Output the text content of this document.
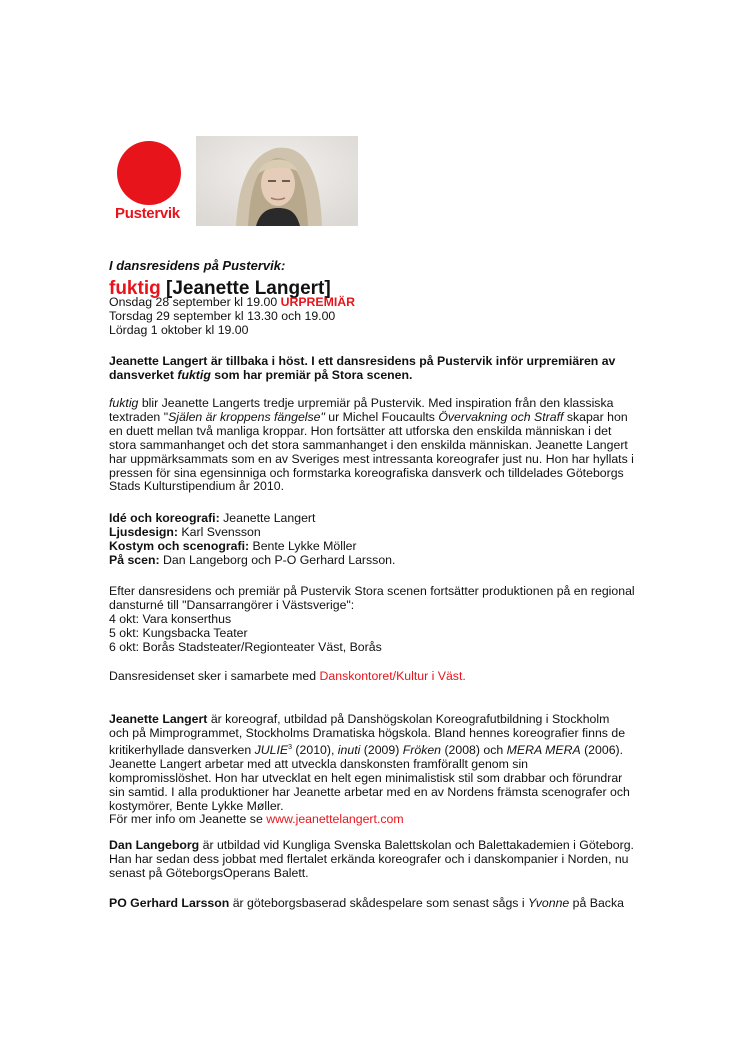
Pustervik

I dansresidens på Pustervik:

fuktig [Jeanette Langert]

Onsdag 28 september kl 19.00 URPREMIÄR

Torsdag 29 september kl 13.30 och 19.00

Lördag 1 oktober kl 19.00

Jeanette Langert är tillbaka i höst. I ett dansresidens på Pustervik inför urpremiären av

dansverket fuktig som har premiär på Stora scenen.

fuktig blir Jeanette Langerts tredje urpremiär på Pustervik. Med inspiration från den klassiska

textraden "Själen är kroppens fängelse" ur Michel Foucaults Övervakning och Straff skapar hon

en duett mellan två manliga kroppar. Hon fortsätter att utforska den enskilda människan i det

stora sammanhanget och det stora sammanhanget i den enskilda människan. Jeanette Langert

har uppmärksammats som en av Sveriges mest intressanta koreografer just nu. Hon har hyllats i

pressen för sina egensinniga och formstarka koreografiska dansverk och tilldelades Göteborgs

Stads Kulturstipendium år 2010.

Idé och koreografi: Jeanette Langert

Ljusdesign: Karl Svensson

Kostym och scenografi: Bente Lykke Möller

På scen: Dan Langeborg och P-O Gerhard Larsson.

Efter dansresidens och premiär på Pustervik Stora scenen fortsätter produktionen på en regional

dansturné till "Dansarrangörer i Västsverige":

4 okt: Vara konserthus

5 okt: Kungsbacka Teater

6 okt: Borås Stadsteater/Regionteater Väst, Borås

Dansresidenset sker i samarbete med Danskontoret/Kultur i Väst.

Jeanette Langert är koreograf, utbildad på Danshögskolan Koreografutbildning i Stockholm

och på Mimprogrammet, Stockholms Dramatiska högskola. Bland hennes koreografier finns de

kritikerhyllade dansverken JULIE$^3$ (2010), inuti (2009) Fröken (2008) och MERA MERA (2006).

Jeanette Langert arbetar med att utveckla danskonsten framförallt genom sin

kompromisslöshet. Hon har utvecklat en helt egen minimalistisk stil som drabbar och förundrar

sin samtid. I alla produktioner har Jeanette arbetar med en av Nordens främsta scenografer och

kostymörer, Bente Lykke Møller.

För mer info om Jeanette se www.jeanettelangert.com

Dan Langeborg är utbildad vid Kungliga Svenska Balettskolan och Balettakademien i Göteborg.

Han har sedan dess jobbat med flertalet erkända koreografer och i danskompanier i Norden, nu

senast på GöteborgsOperans Balett.

PO Gerhard Larsson är göteborgsbaserad skådespelare som senast sågs i Yvonne på Backa
